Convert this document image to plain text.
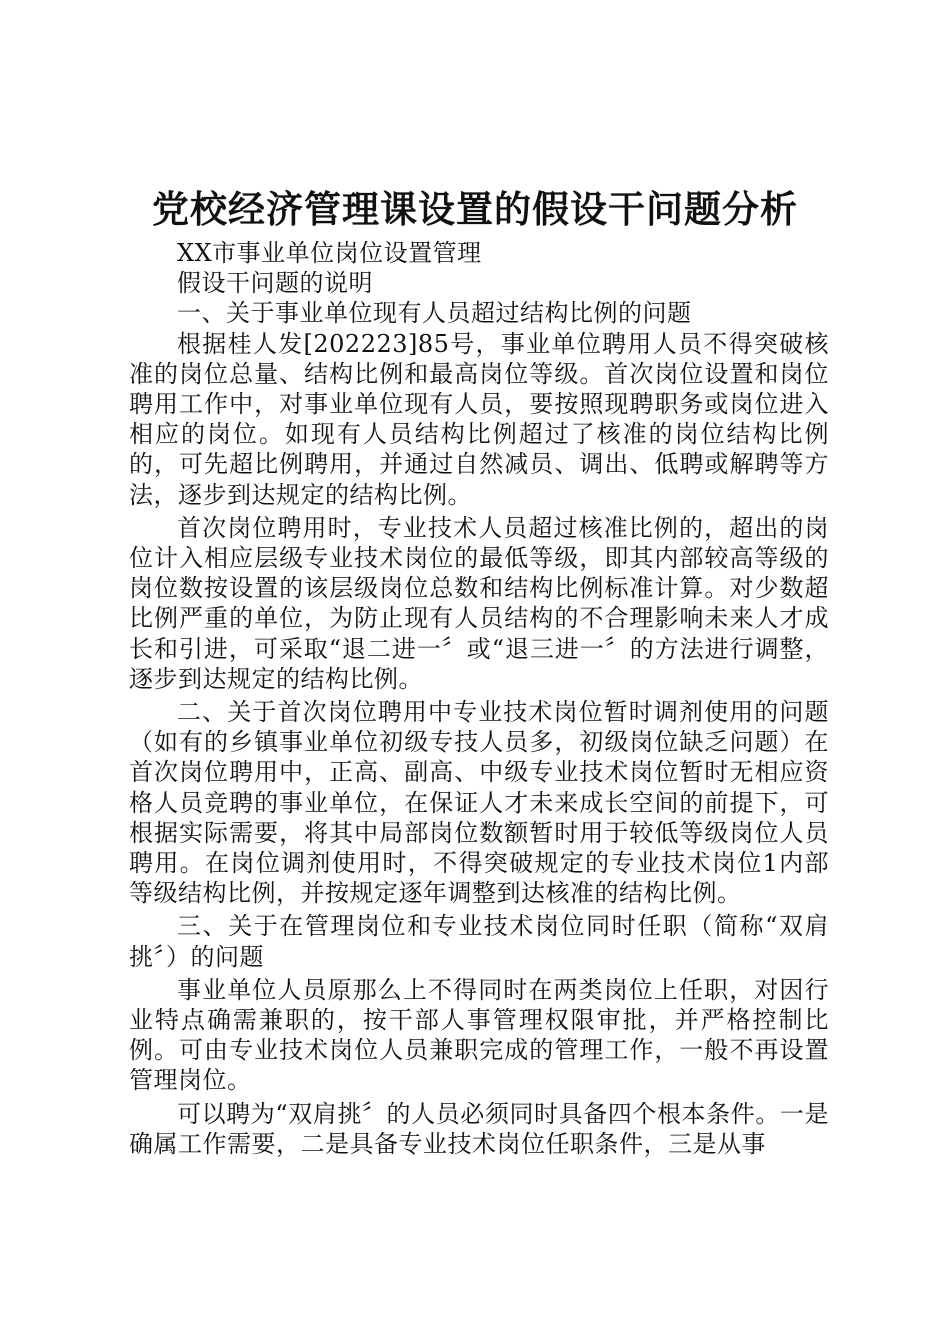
党校经济管理课设置的假设干问题分析

XX市事业单位岗位设置管理

假设干问题的说明

一、关于事业单位现有人员超过结构比例的问题

根据桂人发[202223]85号，事业单位聘用人员不得突破核准的岗位总量、结构比例和最高岗位等级。首次岗位设置和岗位聘用工作中，对事业单位现有人员，要按照现聘职务或岗位进入相应的岗位。如现有人员结构比例超过了核准的岗位结构比例的，可先超比例聘用，并通过自然减员、调出、低聘或解聘等方法，逐步到达规定的结构比例。

首次岗位聘用时，专业技术人员超过核准比例的，超出的岗位计入相应层级专业技术岗位的最低等级，即其内部较高等级的岗位数按设置的该层级岗位总数和结构比例标准计算。对少数超比例严重的单位，为防止现有人员结构的不合理影响未来人才成长和引进，可采取“退二进一〞或“退三进一〞的方法进行调整，逐步到达规定的结构比例。

二、关于首次岗位聘用中专业技术岗位暂时调剂使用的问题（如有的乡镇事业单位初级专技人员多，初级岗位缺乏问题）在首次岗位聘用中，正高、副高、中级专业技术岗位暂时无相应资格人员竞聘的事业单位，在保证人才未来成长空间的前提下，可根据实际需要，将其中局部岗位数额暂时用于较低等级岗位人员聘用。在岗位调剂使用时，不得突破规定的专业技术岗位1内部等级结构比例，并按规定逐年调整到达核准的结构比例。

三、关于在管理岗位和专业技术岗位同时任职（简称“双肩挑〞）的问题

事业单位人员原那么上不得同时在两类岗位上任职，对因行业特点确需兼职的，按干部人事管理权限审批，并严格控制比例。可由专业技术岗位人员兼职完成的管理工作，一般不再设置管理岗位。

可以聘为“双肩挑〞的人员必须同时具备四个根本条件。一是确属工作需要，二是具备专业技术岗位任职条件，三是从事
